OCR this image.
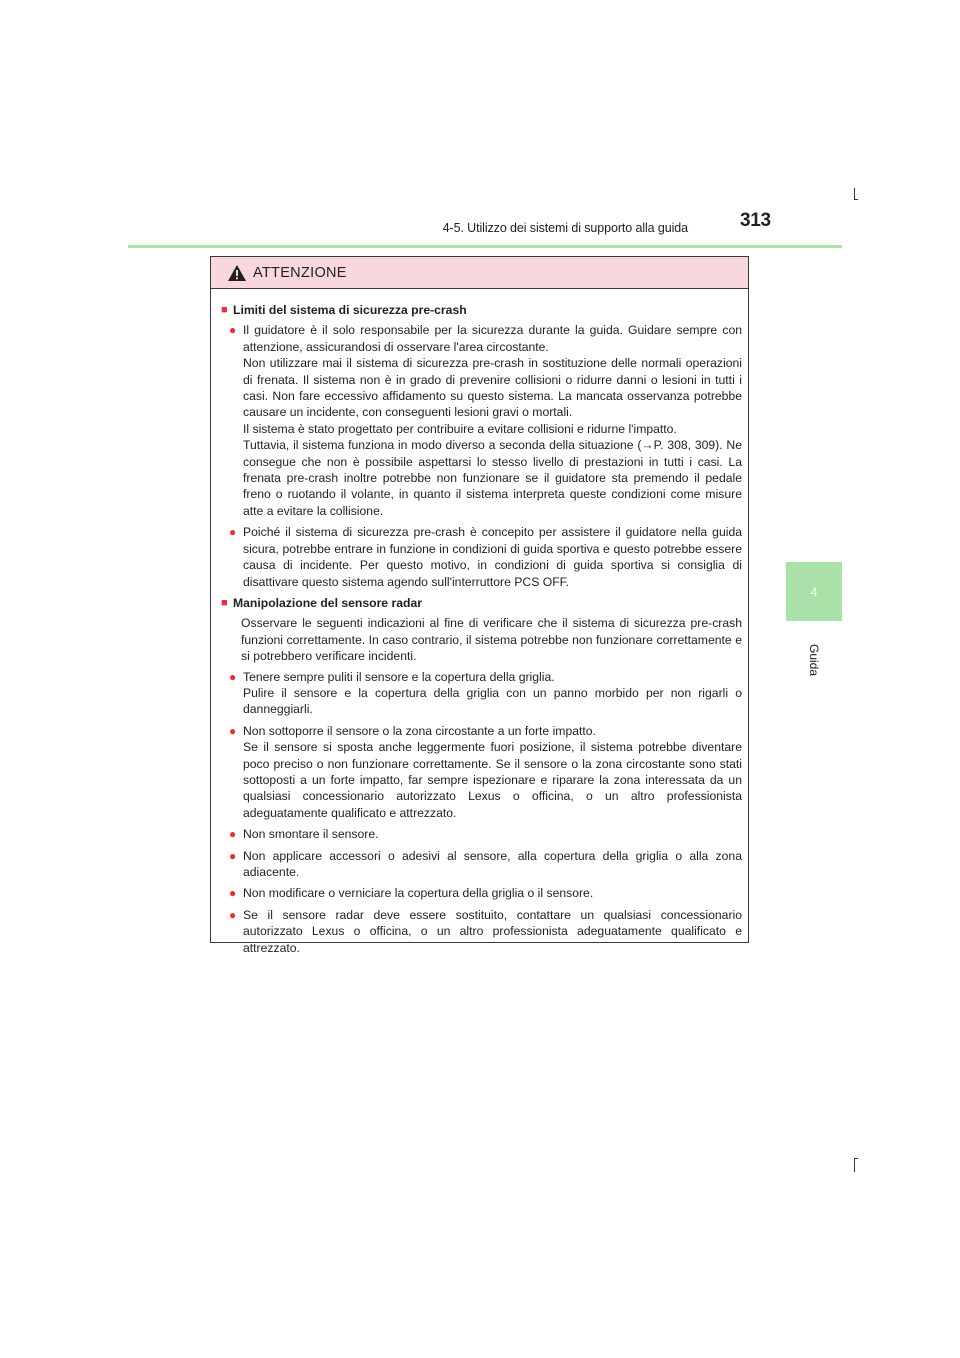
4-5. Utilizzo dei sistemi di supporto alla guida	313
4
Guida
ATTENZIONE
■ Limiti del sistema di sicurezza pre-crash
● Il guidatore è il solo responsabile per la sicurezza durante la guida. Guidare sempre con attenzione, assicurandosi di osservare l'area circostante.
Non utilizzare mai il sistema di sicurezza pre-crash in sostituzione delle normali operazioni di frenata. Il sistema non è in grado di prevenire collisioni o ridurre danni o lesioni in tutti i casi. Non fare eccessivo affidamento su questo sistema. La mancata osservanza potrebbe causare un incidente, con conseguenti lesioni gravi o mortali.
Il sistema è stato progettato per contribuire a evitare collisioni e ridurne l'impatto.
Tuttavia, il sistema funziona in modo diverso a seconda della situazione (→P. 308, 309). Ne consegue che non è possibile aspettarsi lo stesso livello di prestazioni in tutti i casi. La frenata pre-crash inoltre potrebbe non funzionare se il guidatore sta premendo il pedale freno o ruotando il volante, in quanto il sistema interpreta queste condizioni come misure atte a evitare la collisione.
● Poiché il sistema di sicurezza pre-crash è concepito per assistere il guidatore nella guida sicura, potrebbe entrare in funzione in condizioni di guida sportiva e questo potrebbe essere causa di incidente. Per questo motivo, in condizioni di guida sportiva si consiglia di disattivare questo sistema agendo sull'interruttore PCS OFF.
■ Manipolazione del sensore radar
Osservare le seguenti indicazioni al fine di verificare che il sistema di sicurezza pre-crash funzioni correttamente. In caso contrario, il sistema potrebbe non funzionare correttamente e si potrebbero verificare incidenti.
● Tenere sempre puliti il sensore e la copertura della griglia.
Pulire il sensore e la copertura della griglia con un panno morbido per non rigarli o danneggiarli.
● Non sottoporre il sensore o la zona circostante a un forte impatto.
Se il sensore si sposta anche leggermente fuori posizione, il sistema potrebbe diventare poco preciso o non funzionare correttamente. Se il sensore o la zona circostante sono stati sottoposti a un forte impatto, far sempre ispezionare e riparare la zona interessata da un qualsiasi concessionario autorizzato Lexus o officina, o un altro professionista adeguatamente qualificato e attrezzato.
● Non smontare il sensore.
● Non applicare accessori o adesivi al sensore, alla copertura della griglia o alla zona adiacente.
● Non modificare o verniciare la copertura della griglia o il sensore.
● Se il sensore radar deve essere sostituito, contattare un qualsiasi concessionario autorizzato Lexus o officina, o un altro professionista adeguatamente qualificato e attrezzato.
